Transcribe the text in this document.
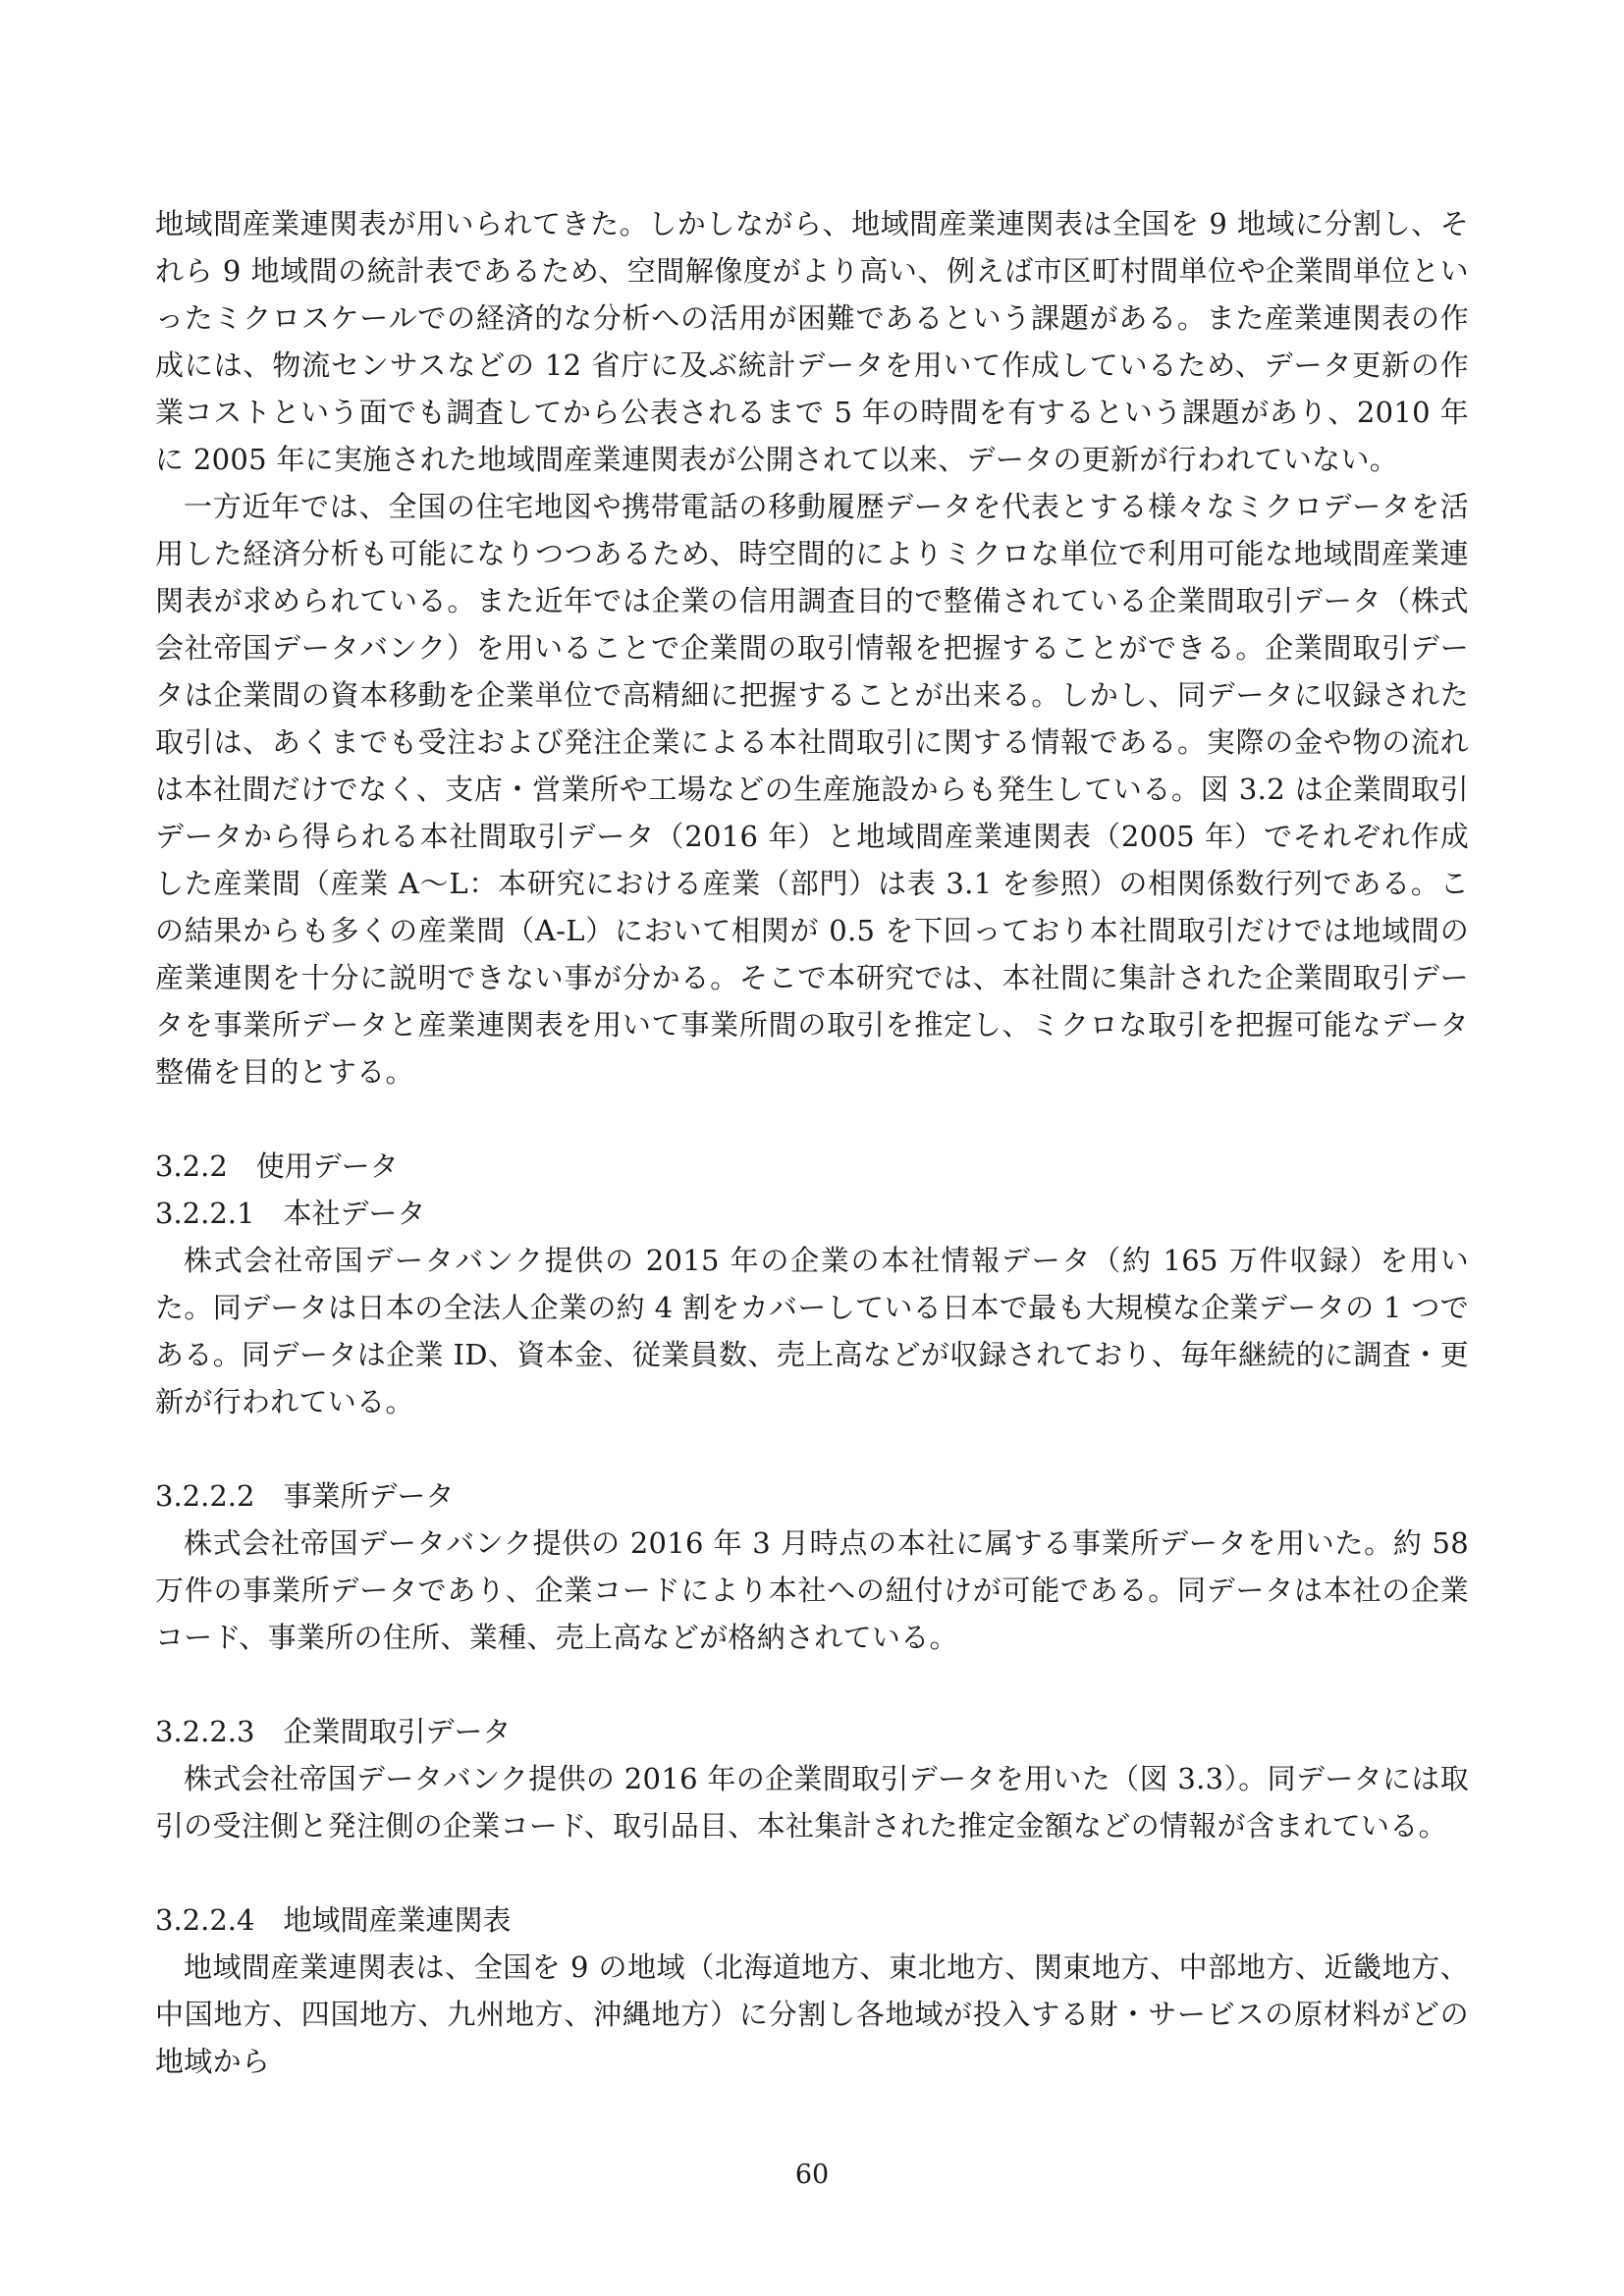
地域間産業連関表が用いられてきた。しかしながら、地域間産業連関表は全国を 9 地域に分割し、それら 9 地域間の統計表であるため、空間解像度がより高い、例えば市区町村間単位や企業間単位といったミクロスケールでの経済的な分析への活用が困難であるという課題がある。また産業連関表の作成には、物流センサスなどの 12 省庁に及ぶ統計データを用いて作成しているため、データ更新の作業コストという面でも調査してから公表されるまで 5 年の時間を有するという課題があり、2010 年に 2005 年に実施された地域間産業連関表が公開されて以来、データの更新が行われていない。

一方近年では、全国の住宅地図や携帯電話の移動履歴データを代表とする様々なミクロデータを活用した経済分析も可能になりつつあるため、時空間的によりミクロな単位で利用可能な地域間産業連関表が求められている。また近年では企業の信用調査目的で整備されている企業間取引データ（株式会社帝国データバンク）を用いることで企業間の取引情報を把握することができる。企業間取引データは企業間の資本移動を企業単位で高精細に把握することが出来る。しかし、同データに収録された取引は、あくまでも受注および発注企業による本社間取引に関する情報である。実際の金や物の流れは本社間だけでなく、支店・営業所や工場などの生産施設からも発生している。図 3.2 は企業間取引データから得られる本社間取引データ（2016 年）と地域間産業連関表（2005 年）でそれぞれ作成した産業間（産業 A〜L：本研究における産業（部門）は表 3.1 を参照）の相関係数行列である。この結果からも多くの産業間（A-L）において相関が 0.5 を下回っており本社間取引だけでは地域間の産業連関を十分に説明できない事が分かる。そこで本研究では、本社間に集計された企業間取引データを事業所データと産業連関表を用いて事業所間の取引を推定し、ミクロな取引を把握可能なデータ整備を目的とする。

3.2.2　使用データ
3.2.2.1　本社データ

株式会社帝国データバンク提供の 2015 年の企業の本社情報データ（約 165 万件収録）を用いた。同データは日本の全法人企業の約 4 割をカバーしている日本で最も大規模な企業データの 1 つである。同データは企業 ID、資本金、従業員数、売上高などが収録されており、毎年継続的に調査・更新が行われている。

3.2.2.2　事業所データ

株式会社帝国データバンク提供の 2016 年 3 月時点の本社に属する事業所データを用いた。約 58 万件の事業所データであり、企業コードにより本社への紐付けが可能である。同データは本社の企業コード、事業所の住所、業種、売上高などが格納されている。

3.2.2.3　企業間取引データ

株式会社帝国データバンク提供の 2016 年の企業間取引データを用いた（図 3.3）。同データには取引の受注側と発注側の企業コード、取引品目、本社集計された推定金額などの情報が含まれている。

3.2.2.4　地域間産業連関表

地域間産業連関表は、全国を 9 の地域（北海道地方、東北地方、関東地方、中部地方、近畿地方、中国地方、四国地方、九州地方、沖縄地方）に分割し各地域が投入する財・サービスの原材料がどの地域から

60
